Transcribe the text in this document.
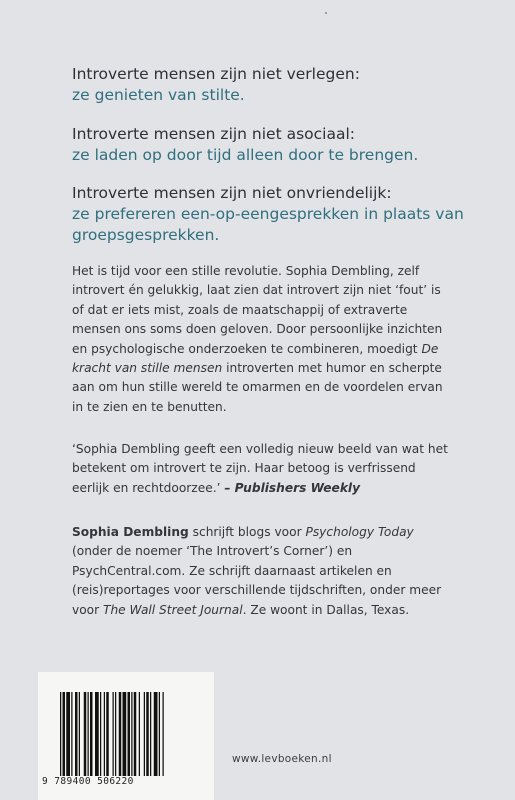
Introverte mensen zijn niet verlegen:
ze genieten van stilte.
Introverte mensen zijn niet asociaal:
ze laden op door tijd alleen door te brengen.
Introverte mensen zijn niet onvriendelijk:
ze prefereren een-op-eengesprekken in plaats van groepsgesprekken.
Het is tijd voor een stille revolutie. Sophia Dembling, zelf introvert én gelukkig, laat zien dat introvert zijn niet ‘fout’ is of dat er iets mist, zoals de maatschappij of extraverte mensen ons soms doen geloven. Door persoonlijke inzichten en psychologische onderzoeken te combineren, moedigt De kracht van stille mensen introverten met humor en scherpte aan om hun stille wereld te omarmen en de voordelen ervan in te zien en te benutten.
‘Sophia Dembling geeft een volledig nieuw beeld van wat het betekent om introvert te zijn. Haar betoog is verfrissend eerlijk en rechtdoorzee.’ – Publishers Weekly
Sophia Dembling schrijft blogs voor Psychology Today (onder de noemer ‘The Introvert’s Corner’) en PsychCentral.com. Ze schrijft daarnaast artikelen en (reis)reportages voor verschillende tijdschriften, onder meer voor The Wall Street Journal. Ze woont in Dallas, Texas.
9 789400 506220
www.levboeken.nl
